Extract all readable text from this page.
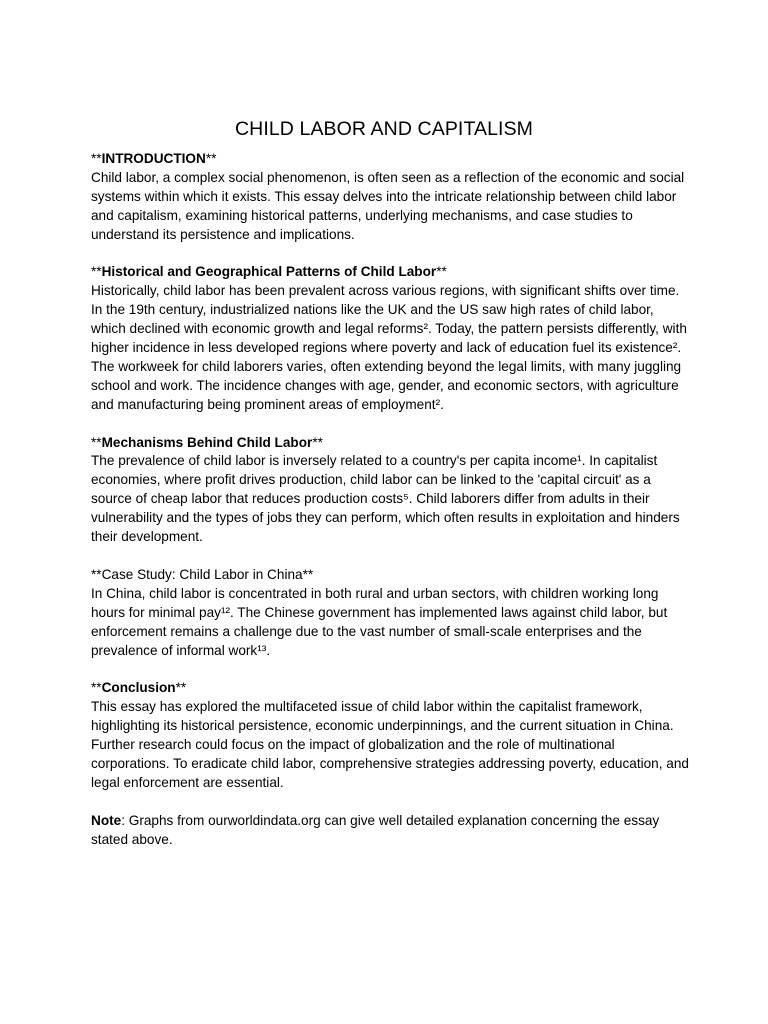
CHILD LABOR AND CAPITALISM
**INTRODUCTION**

Child labor, a complex social phenomenon, is often seen as a reflection of the economic and social systems within which it exists. This essay delves into the intricate relationship between child labor and capitalism, examining historical patterns, underlying mechanisms, and case studies to understand its persistence and implications.

**Historical and Geographical Patterns of Child Labor**

Historically, child labor has been prevalent across various regions, with significant shifts over time. In the 19th century, industrialized nations like the UK and the US saw high rates of child labor, which declined with economic growth and legal reforms². Today, the pattern persists differently, with higher incidence in less developed regions where poverty and lack of education fuel its existence². The workweek for child laborers varies, often extending beyond the legal limits, with many juggling school and work. The incidence changes with age, gender, and economic sectors, with agriculture and manufacturing being prominent areas of employment².

**Mechanisms Behind Child Labor**

The prevalence of child labor is inversely related to a country's per capita income¹. In capitalist economies, where profit drives production, child labor can be linked to the 'capital circuit' as a source of cheap labor that reduces production costs⁵. Child laborers differ from adults in their vulnerability and the types of jobs they can perform, which often results in exploitation and hinders their development.

**Case Study: Child Labor in China**

In China, child labor is concentrated in both rural and urban sectors, with children working long hours for minimal pay¹². The Chinese government has implemented laws against child labor, but enforcement remains a challenge due to the vast number of small-scale enterprises and the prevalence of informal work¹³.

**Conclusion**

This essay has explored the multifaceted issue of child labor within the capitalist framework, highlighting its historical persistence, economic underpinnings, and the current situation in China. Further research could focus on the impact of globalization and the role of multinational corporations. To eradicate child labor, comprehensive strategies addressing poverty, education, and legal enforcement are essential.

Note: Graphs from ourworldindata.org can give well detailed explanation concerning the essay stated above.
